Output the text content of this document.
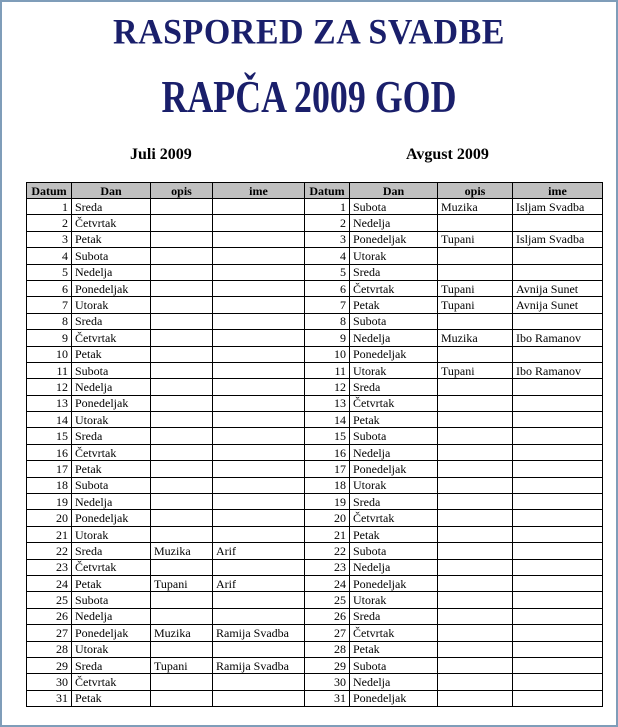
RASPORED ZA SVADBE
RAPČA 2009 GOD
Juli 2009	Avgust 2009
Datum	Dan	opis	ime	Datum	Dan	opis	ime
1	Sreda			1	Subota	Muzika	Isljam Svadba
2	Četvrtak			2	Nedelja		
3	Petak			3	Ponedeljak	Tupani	Isljam Svadba
4	Subota			4	Utorak		
5	Nedelja			5	Sreda		
6	Ponedeljak			6	Četvrtak	Tupani	Avnija Sunet
7	Utorak			7	Petak	Tupani	Avnija Sunet
8	Sreda			8	Subota		
9	Četvrtak			9	Nedelja	Muzika	Ibo Ramanov
10	Petak			10	Ponedeljak		
11	Subota			11	Utorak	Tupani	Ibo Ramanov
12	Nedelja			12	Sreda		
13	Ponedeljak			13	Četvrtak		
14	Utorak			14	Petak		
15	Sreda			15	Subota		
16	Četvrtak			16	Nedelja		
17	Petak			17	Ponedeljak		
18	Subota			18	Utorak		
19	Nedelja			19	Sreda		
20	Ponedeljak			20	Četvrtak		
21	Utorak			21	Petak		
22	Sreda	Muzika	Arif	22	Subota		
23	Četvrtak			23	Nedelja		
24	Petak	Tupani	Arif	24	Ponedeljak		
25	Subota			25	Utorak		
26	Nedelja			26	Sreda		
27	Ponedeljak	Muzika	Ramija Svadba	27	Četvrtak		
28	Utorak			28	Petak		
29	Sreda	Tupani	Ramija Svadba	29	Subota		
30	Četvrtak			30	Nedelja		
31	Petak			31	Ponedeljak		
